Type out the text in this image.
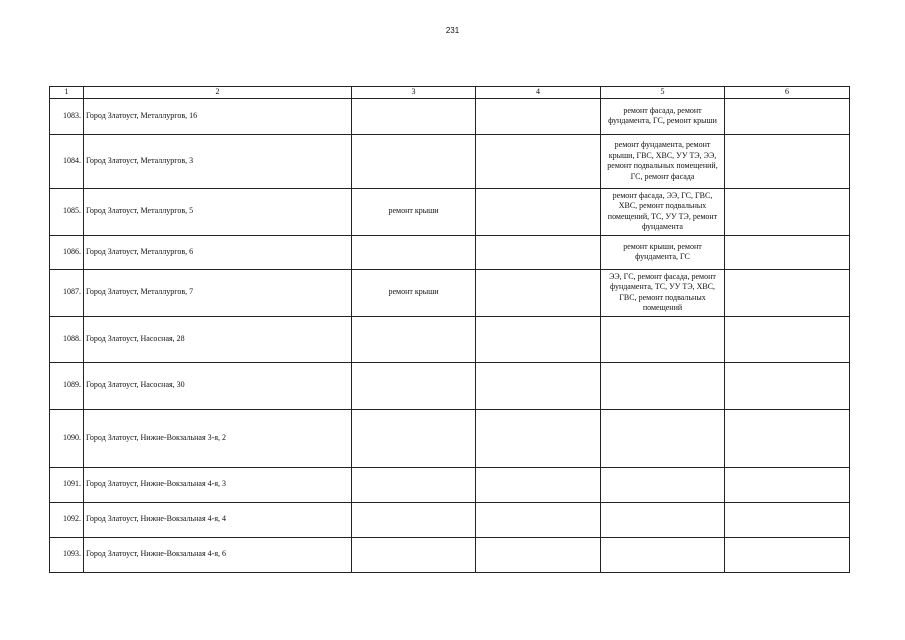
231
1	2	3	4	5	6
1083.	Город Златоуст, Металлургов, 16			ремонт фасада, ремонт фундамента, ГС, ремонт крыши	
1084.	Город Златоуст, Металлургов, 3			ремонт фундамента, ремонт крыши, ГВС, ХВС, УУ ТЭ, ЭЭ, ремонт подвальных помещений, ГС, ремонт фасада	
1085.	Город Златоуст, Металлургов, 5	ремонт крыши		ремонт фасада, ЭЭ, ГС, ГВС, ХВС, ремонт подвальных помещений, ТС, УУ ТЭ, ремонт фундамента	
1086.	Город Златоуст, Металлургов, 6			ремонт крыши, ремонт фундамента, ГС	
1087.	Город Златоуст, Металлургов, 7	ремонт крыши		ЭЭ, ГС, ремонт фасада, ремонт фундамента, ТС, УУ ТЭ, ХВС, ГВС, ремонт подвальных помещений	
1088.	Город Златоуст, Насосная, 28				
1089.	Город Златоуст, Насосная, 30				
1090.	Город Златоуст, Нижне-Вокзальная 3-я, 2				
1091.	Город Златоуст, Нижне-Вокзальная 4-я, 3				
1092.	Город Златоуст, Нижне-Вокзальная 4-я, 4				
1093.	Город Златоуст, Нижне-Вокзальная 4-я, 6				
